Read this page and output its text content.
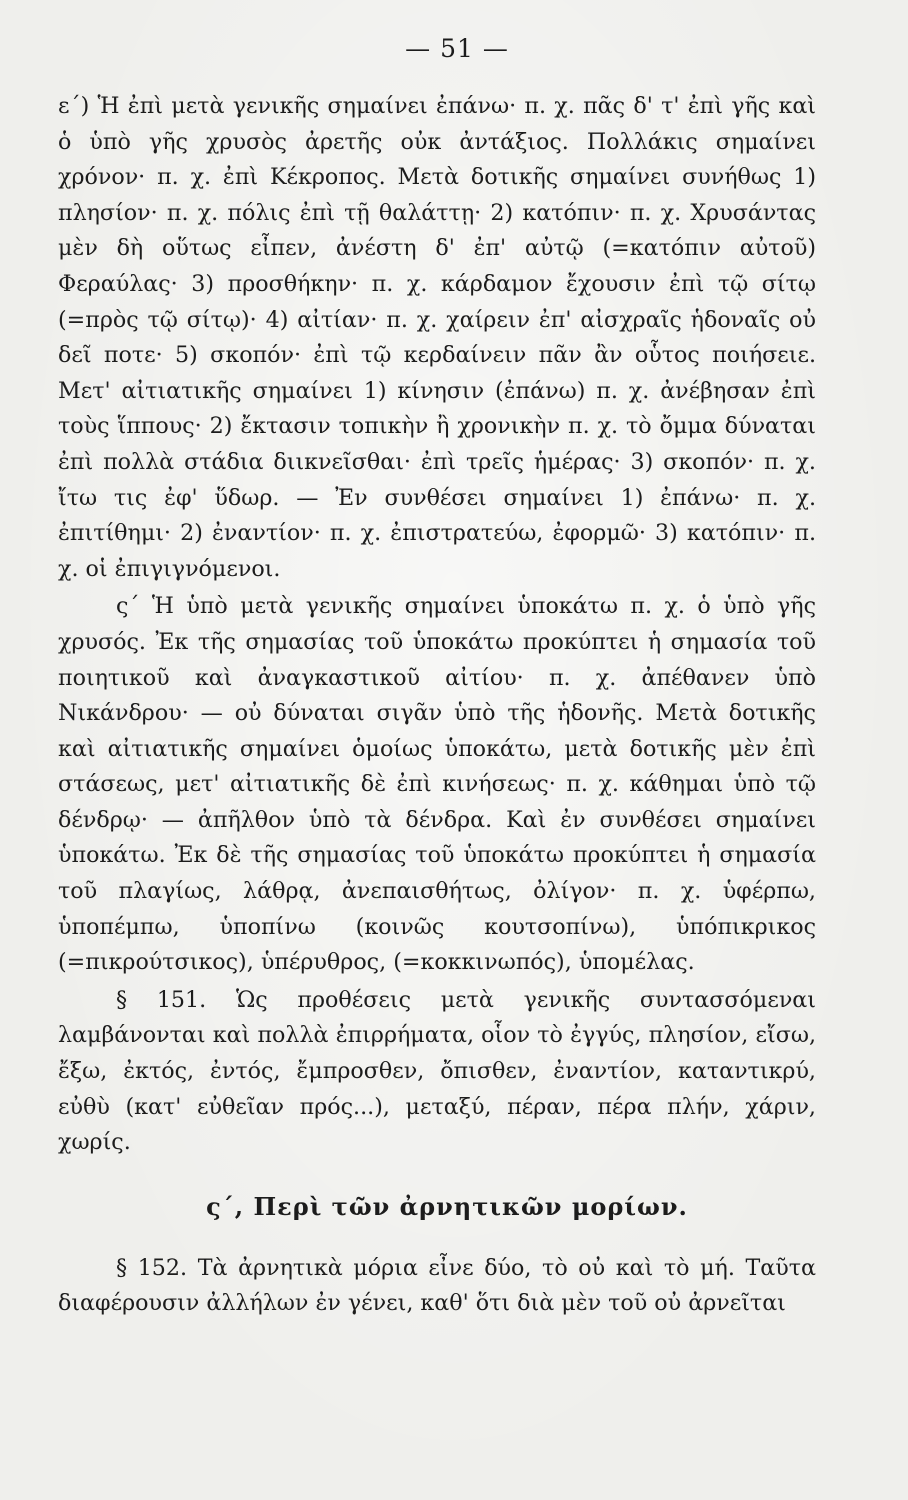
— 51 —

ε΄) Ἡ ἐπὶ μετὰ γενικῆς σημαίνει ἐπάνω· π. χ. πᾶς δ' τ' ἐπὶ γῆς καὶ ὁ ὑπὸ γῆς χρυσὸς ἀρετῆς οὐκ ἀντάξιος. Πολλάκις σημαίνει χρόνον· π. χ. ἐπὶ Κέκροπος. Μετὰ δοτικῆς σημαίνει συνήθως 1) πλησίον· π. χ. πόλις ἐπὶ τῇ θαλάττῃ· 2) κατόπιν· π. χ. Χρυσάντας μὲν δὴ οὕτως εἶπεν, ἀνέστη δ' ἐπ' αὐτῷ (=κατόπιν αὐτοῦ) Φεραύλας· 3) προσθήκην· π. χ. κάρδαμον ἔχουσιν ἐπὶ τῷ σίτῳ (=πρὸς τῷ σίτῳ)· 4) αἰτίαν· π. χ. χαίρειν ἐπ' αἰσχραῖς ἡδοναῖς οὐ δεῖ ποτε· 5) σκοπόν· ἐπὶ τῷ κερδαίνειν πᾶν ἂν οὗτος ποιήσειε. Μετ' αἰτιατικῆς σημαίνει 1) κίνησιν (ἐπάνω) π. χ. ἀνέβησαν ἐπὶ τοὺς ἵππους· 2) ἔκτασιν τοπικὴν ἢ χρονικὴν π. χ. τὸ ὄμμα δύναται ἐπὶ πολλὰ στάδια διικνεῖσθαι· ἐπὶ τρεῖς ἡμέρας· 3) σκοπόν· π. χ. ἴτω τις ἐφ' ὕδωρ. — Ἐν συνθέσει σημαίνει 1) ἐπάνω· π. χ. ἐπιτίθημι· 2) ἐναντίον· π. χ. ἐπιστρατεύω, ἐφορμῶ· 3) κατόπιν· π. χ. οἱ ἐπιγιγνόμενοι.

ς΄ Ἡ ὑπὸ μετὰ γενικῆς σημαίνει ὑποκάτω π. χ. ὁ ὑπὸ γῆς χρυσός. Ἐκ τῆς σημασίας τοῦ ὑποκάτω προκύπτει ἡ σημασία τοῦ ποιητικοῦ καὶ ἀναγκαστικοῦ αἰτίου· π. χ. ἀπέθανεν ὑπὸ Νικάνδρου· — οὐ δύναται σιγᾶν ὑπὸ τῆς ἡδονῆς. Μετὰ δοτικῆς καὶ αἰτιατικῆς σημαίνει ὁμοίως ὑποκάτω, μετὰ δοτικῆς μὲν ἐπὶ στάσεως, μετ' αἰτιατικῆς δὲ ἐπὶ κινήσεως· π. χ. κάθημαι ὑπὸ τῷ δένδρῳ· — ἀπῆλθον ὑπὸ τὰ δένδρα. Καὶ ἐν συνθέσει σημαίνει ὑποκάτω. Ἐκ δὲ τῆς σημασίας τοῦ ὑποκάτω προκύπτει ἡ σημασία τοῦ πλαγίως, λάθρᾳ, ἀνεπαισθήτως, ὀλίγον· π. χ. ὑφέρπω, ὑποπέμπω, ὑποπίνω (κοινῶς κουτσοπίνω), ὑπόπικρικος (=πικρούτσικος), ὑπέρυθρος, (=κοκκινωπός), ὑπομέλας.

§ 151. Ὡς προθέσεις μετὰ γενικῆς συντασσόμεναι λαμβάνονται καὶ πολλὰ ἐπιρρήματα, οἷον τὸ ἐγγύς, πλησίον, εἴσω, ἔξω, ἐκτός, ἐντός, ἔμπροσθεν, ὄπισθεν, ἐναντίον, καταντικρύ, εὐθὺ (κατ' εὐθεῖαν πρός...), μεταξύ, πέραν, πέρα πλήν, χάριν, χωρίς.

ς΄, Περὶ τῶν ἀρνητικῶν μορίων.

§ 152. Τὰ ἀρνητικὰ μόρια εἶνε δύο, τὸ οὐ καὶ τὸ μή. Ταῦτα διαφέρουσιν ἀλλήλων ἐν γένει, καθ' ὅτι διὰ μὲν τοῦ οὐ ἀρνεῖται
